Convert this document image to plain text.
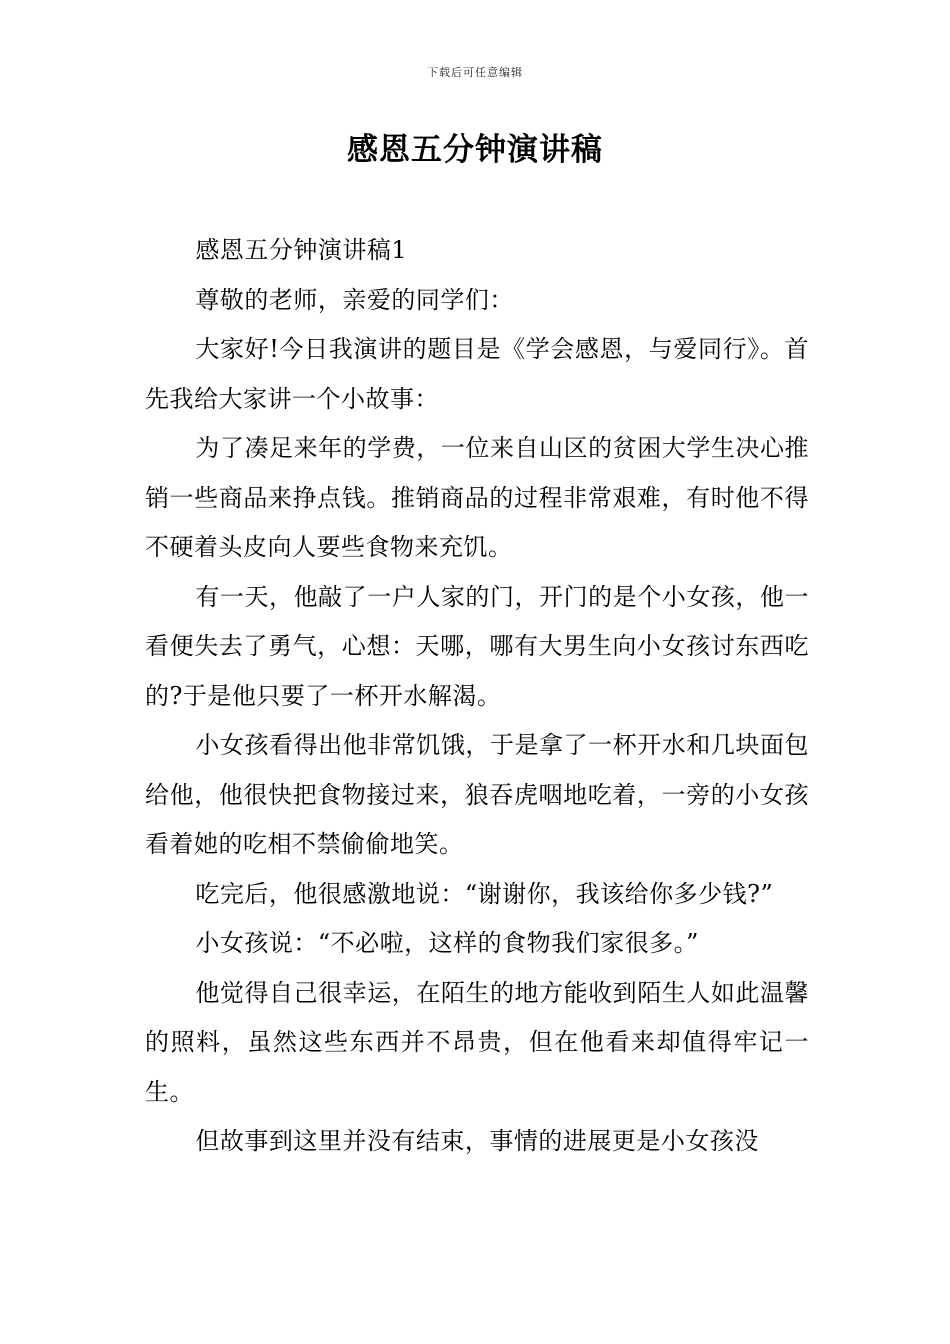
下载后可任意编辑
感恩五分钟演讲稿

感恩五分钟演讲稿1

尊敬的老师，亲爱的同学们：

大家好!今日我演讲的题目是《学会感恩，与爱同行》。首先我给大家讲一个小故事：

为了凑足来年的学费，一位来自山区的贫困大学生决心推销一些商品来挣点钱。推销商品的过程非常艰难，有时他不得不硬着头皮向人要些食物来充饥。

有一天，他敲了一户人家的门，开门的是个小女孩，他一看便失去了勇气，心想：天哪，哪有大男生向小女孩讨东西吃的?于是他只要了一杯开水解渴。

小女孩看得出他非常饥饿，于是拿了一杯开水和几块面包给他，他很快把食物接过来，狼吞虎咽地吃着，一旁的小女孩看着她的吃相不禁偷偷地笑。

吃完后，他很感激地说：“谢谢你，我该给你多少钱?”

小女孩说：“不必啦，这样的食物我们家很多。”

他觉得自己很幸运，在陌生的地方能收到陌生人如此温馨的照料，虽然这些东西并不昂贵，但在他看来却值得牢记一生。

但故事到这里并没有结束，事情的进展更是小女孩没
